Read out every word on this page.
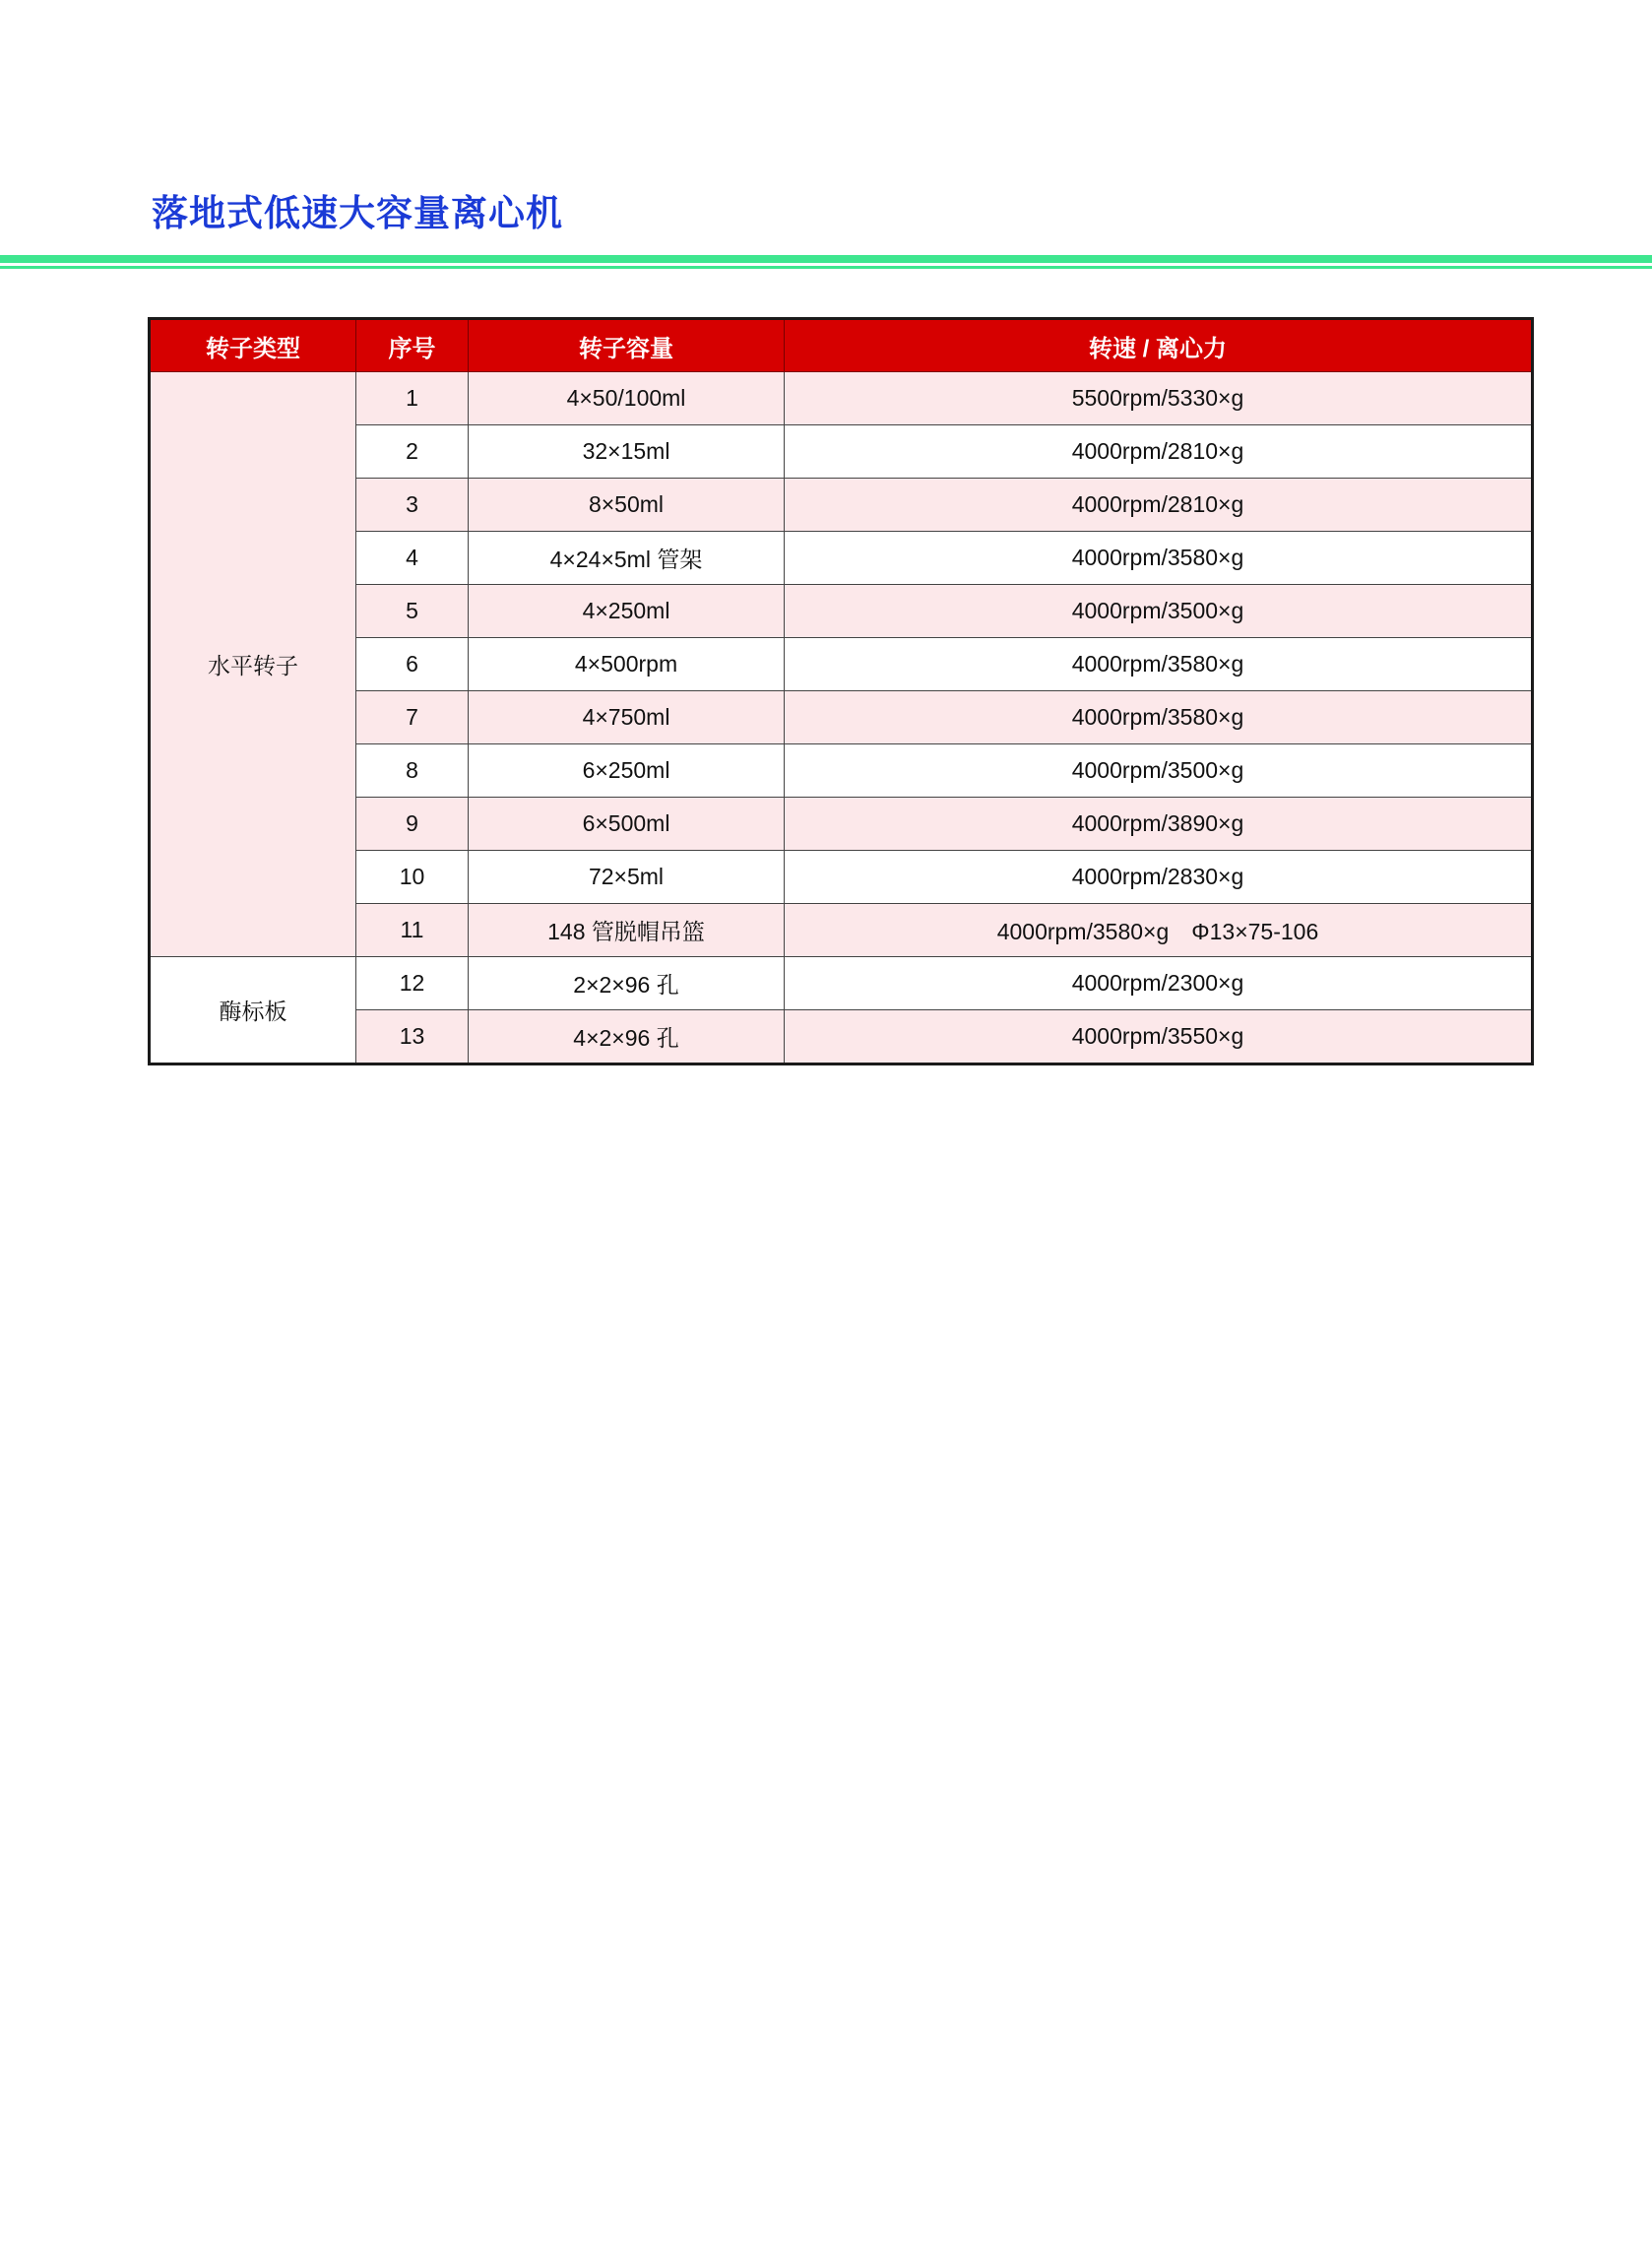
落地式低速大容量离心机
转子类型	序号	转子容量	转速 / 离心力
水平转子	1	4×50/100ml	5500rpm/5330×g
	2	32×15ml	4000rpm/2810×g
	3	8×50ml	4000rpm/2810×g
	4	4×24×5ml 管架	4000rpm/3580×g
	5	4×250ml	4000rpm/3500×g
	6	4×500rpm	4000rpm/3580×g
	7	4×750ml	4000rpm/3580×g
	8	6×250ml	4000rpm/3500×g
	9	6×500ml	4000rpm/3890×g
	10	72×5ml	4000rpm/2830×g
	11	148 管脱帽吊篮	4000rpm/3580×g　Φ13×75-106
酶标板	12	2×2×96 孔	4000rpm/2300×g
	13	4×2×96 孔	4000rpm/3550×g
